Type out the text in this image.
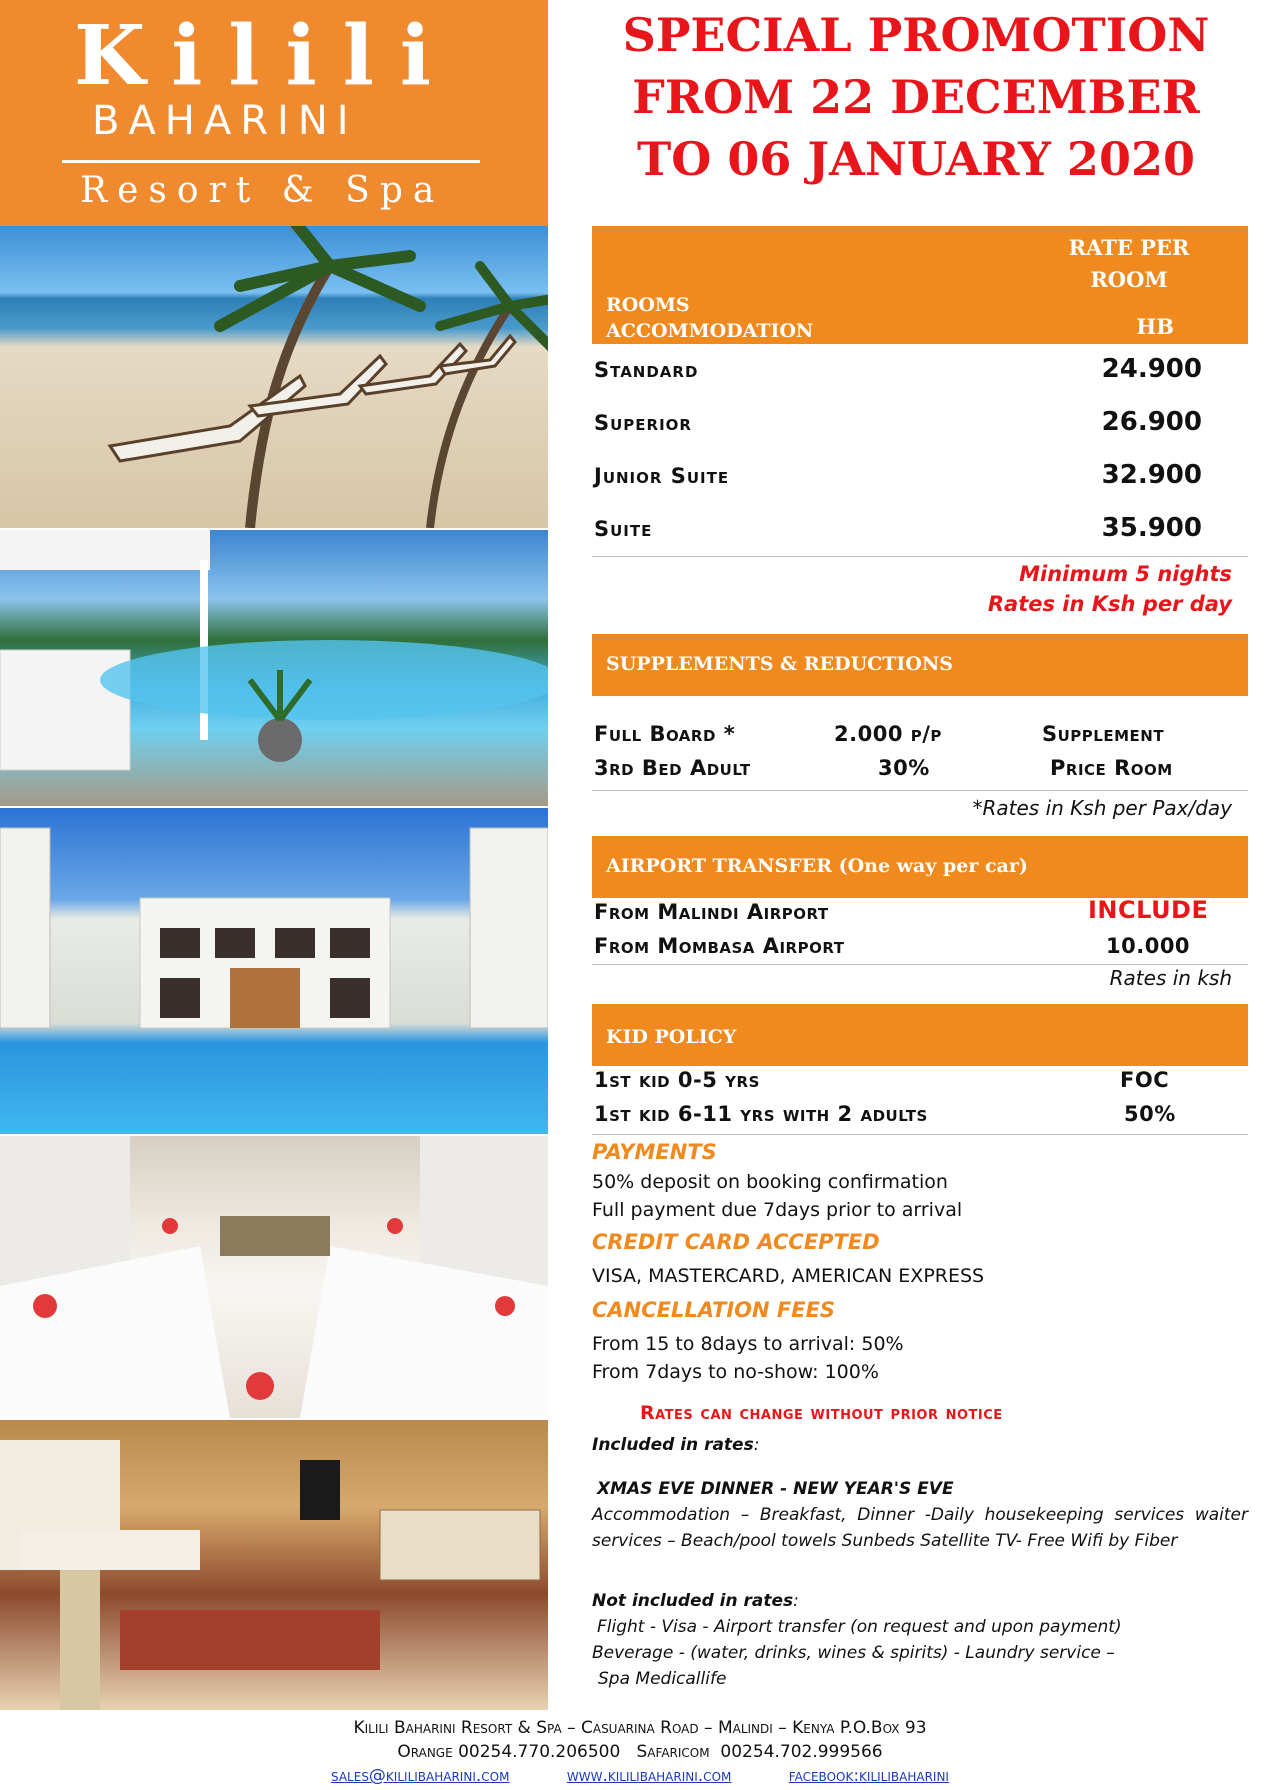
Kilili
BAHARINI
Resort & Spa
SPECIAL PROMOTION
FROM 22 DECEMBER
TO 06 JANUARY 2020
ROOMS
ACCOMMODATION
RATE PER
ROOM
HB
Standard	24.900
Superior	26.900
Junior Suite	32.900
Suite	35.900
Minimum 5 nights
Rates in Ksh per day
SUPPLEMENTS & REDUCTIONS
Full Board *	2.000 p/p	Supplement
3rd Bed Adult	30%	Price Room
*Rates in Ksh per Pax/day
AIRPORT TRANSFER (One way per car)
From Malindi Airport	INCLUDE
From Mombasa Airport	10.000
Rates in ksh
KID POLICY
1st kid 0-5 yrs	FOC
1st kid 6-11 yrs with 2 adults	50%
PAYMENTS
50% deposit on booking confirmation
Full payment due 7days prior to arrival
CREDIT CARD ACCEPTED
VISA, MASTERCARD, AMERICAN EXPRESS
CANCELLATION FEES
From 15 to 8days to arrival: 50%
From 7days to no-show: 100%
Rates can change without prior notice
Included in rates:
XMAS EVE DINNER - NEW YEAR'S EVE
Accommodation – Breakfast, Dinner -Daily housekeeping services waiter services – Beach/pool towels Sunbeds Satellite TV- Free Wifi by Fiber
Not included in rates:
Flight - Visa - Airport transfer (on request and upon payment)
Beverage - (water, drinks, wines & spirits) - Laundry service –
Spa Medicallife
Kilili Baharini Resort & Spa – Casuarina Road – Malindi – Kenya P.O.Box 93
Orange 00254.770.206500   Safaricom  00254.702.999566
sales@kililibaharini.com	www.kililibaharini.com	facebook:kililibaharini
